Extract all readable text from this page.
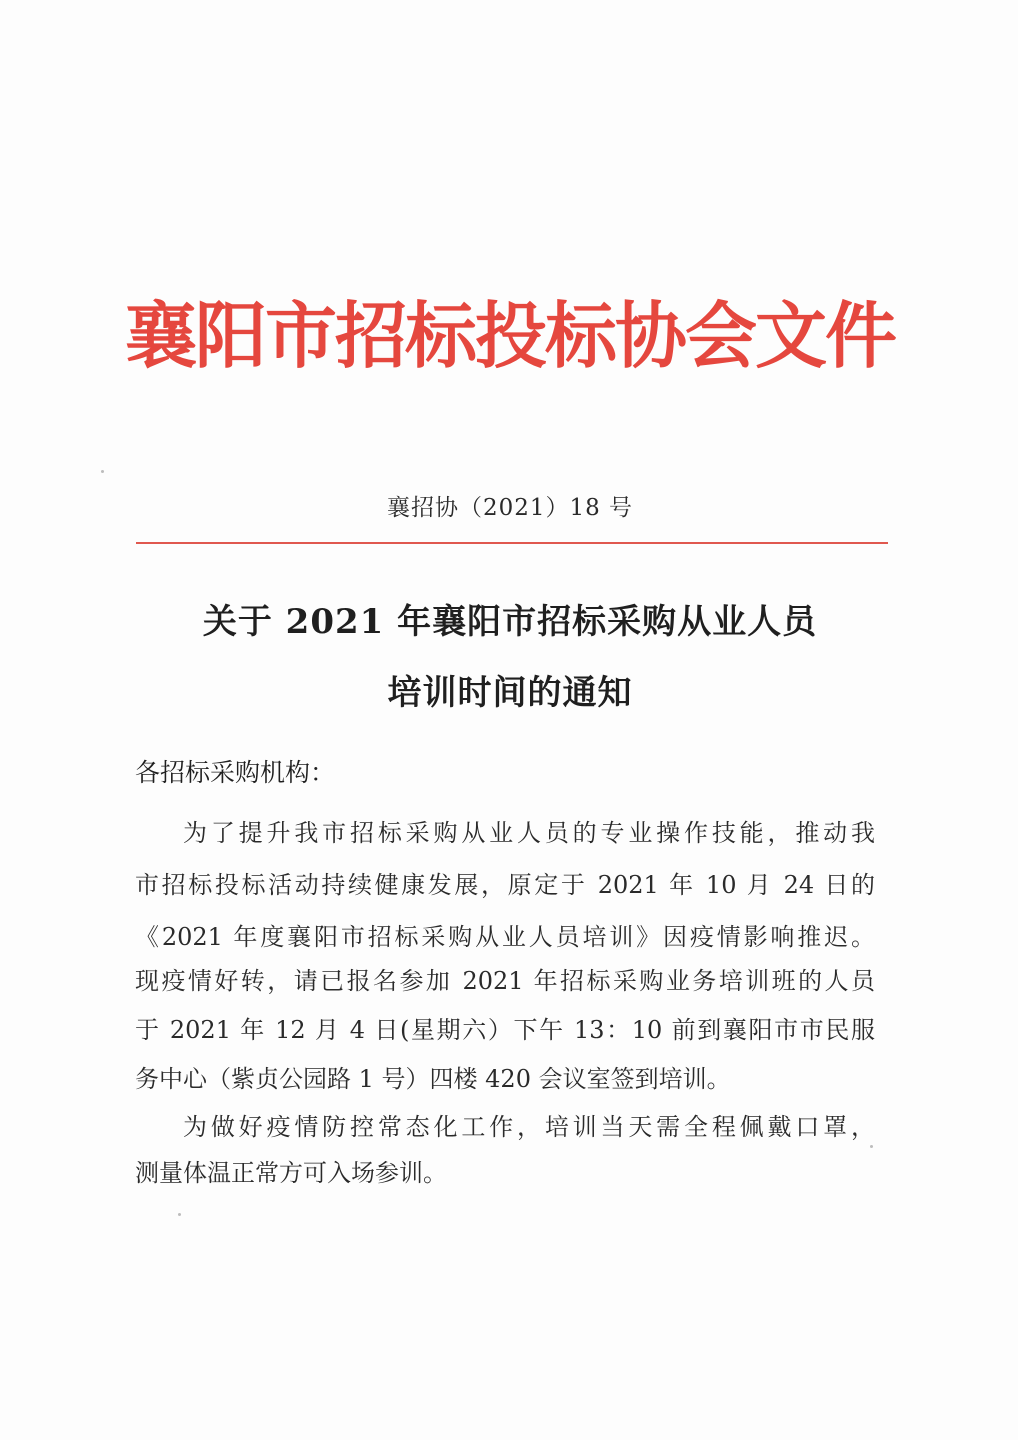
襄阳市招标投标协会文件
襄招协（2021）18 号
关于 2021 年襄阳市招标采购从业人员
培训时间的通知
各招标采购机构：
为了提升我市招标采购从业人员的专业操作技能，推动我
市招标投标活动持续健康发展，原定于 2021 年 10 月 24 日的
《2021 年度襄阳市招标采购从业人员培训》因疫情影响推迟。
现疫情好转，请已报名参加 2021 年招标采购业务培训班的人员
于 2021 年 12 月 4 日(星期六）下午 13：10 前到襄阳市市民服
务中心（紫贞公园路 1 号）四楼 420 会议室签到培训。
为做好疫情防控常态化工作，培训当天需全程佩戴口罩，
测量体温正常方可入场参训。
